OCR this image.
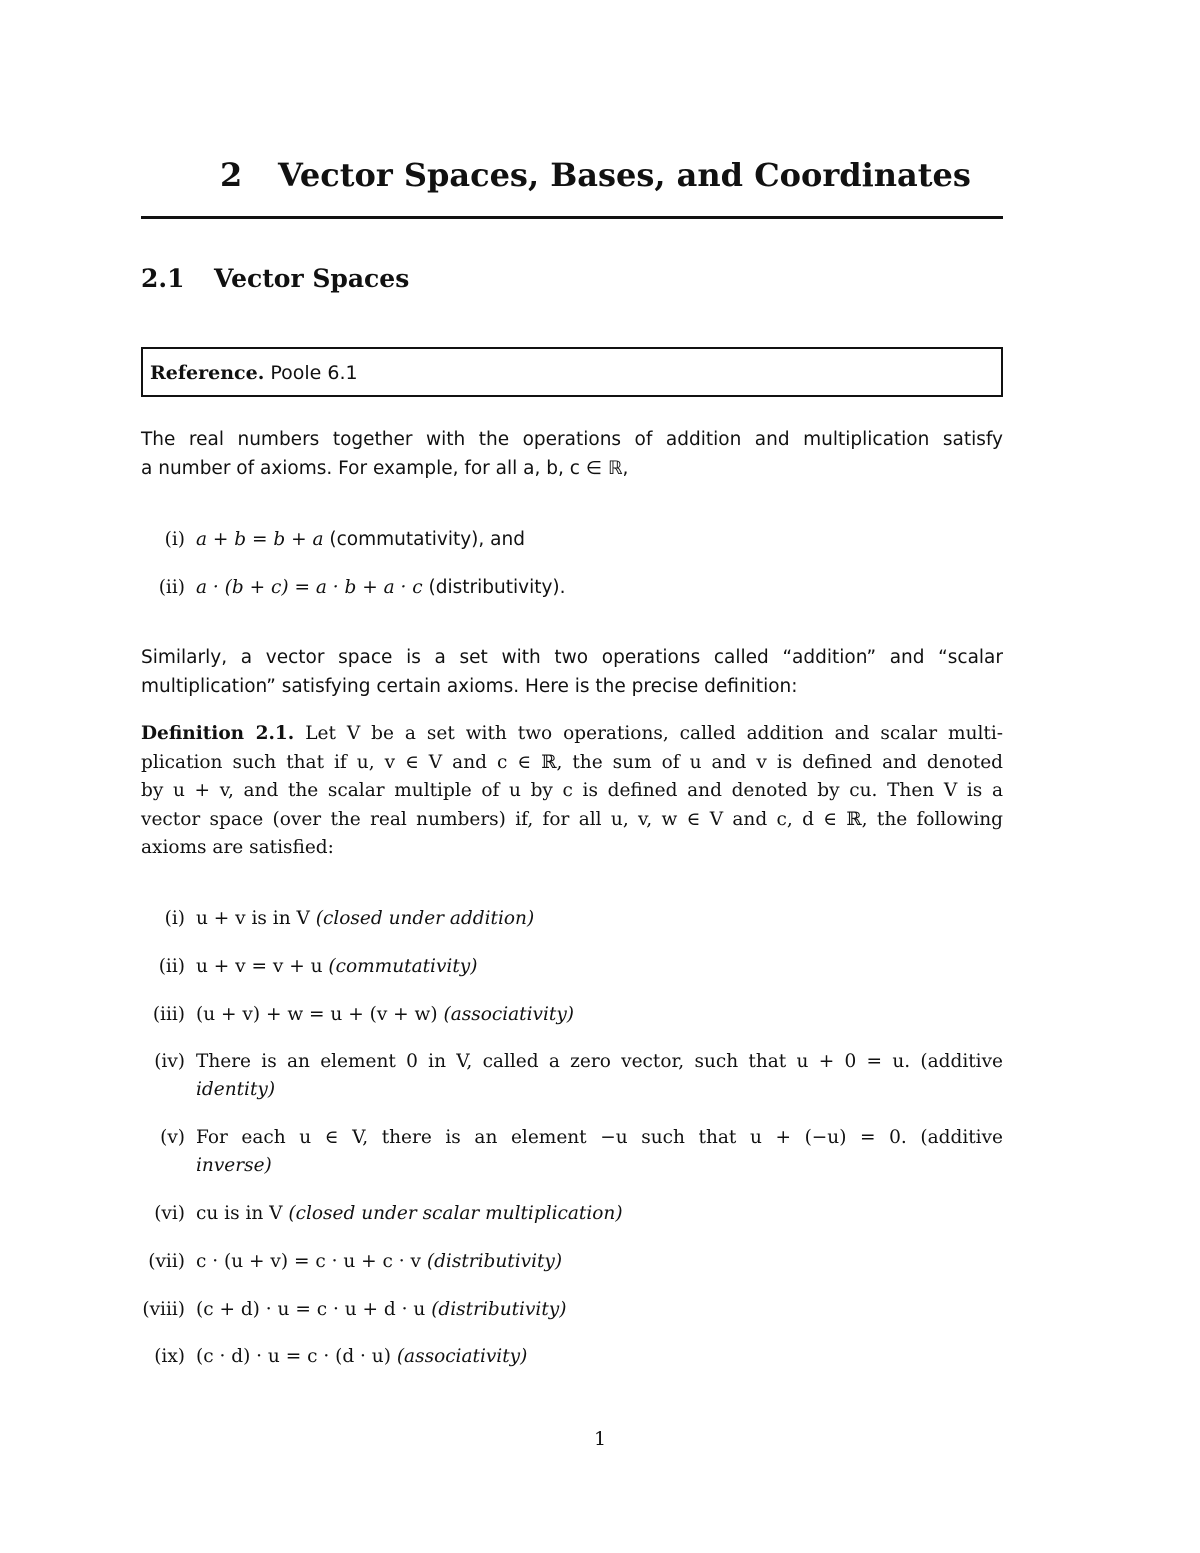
2 Vector Spaces, Bases, and Coordinates
2.1 Vector Spaces
Reference. Poole 6.1
The real numbers together with the operations of addition and multiplication satisfy
a number of axioms. For example, for all a, b, c ∈ ℝ,
(i) a + b = b + a (commutativity), and
(ii) a · (b + c) = a · b + a · c (distributivity).
Similarly, a vector space is a set with two operations called “addition” and “scalar
multiplication” satisfying certain axioms. Here is the precise definition:
Definition 2.1. Let V be a set with two operations, called addition and scalar multi-
plication such that if u, v ∈ V and c ∈ ℝ, the sum of u and v is defined and denoted
by u + v, and the scalar multiple of u by c is defined and denoted by cu. Then V is a
vector space (over the real numbers) if, for all u, v, w ∈ V and c, d ∈ ℝ, the following
axioms are satisfied:
(i) u + v is in V (closed under addition)
(ii) u + v = v + u (commutativity)
(iii) (u + v) + w = u + (v + w) (associativity)
(iv) There is an element 0 in V, called a zero vector, such that u + 0 = u. (additive
identity)
(v) For each u ∈ V, there is an element −u such that u + (−u) = 0. (additive
inverse)
(vi) cu is in V (closed under scalar multiplication)
(vii) c · (u + v) = c · u + c · v (distributivity)
(viii) (c + d) · u = c · u + d · u (distributivity)
(ix) (c · d) · u = c · (d · u) (associativity)
1
